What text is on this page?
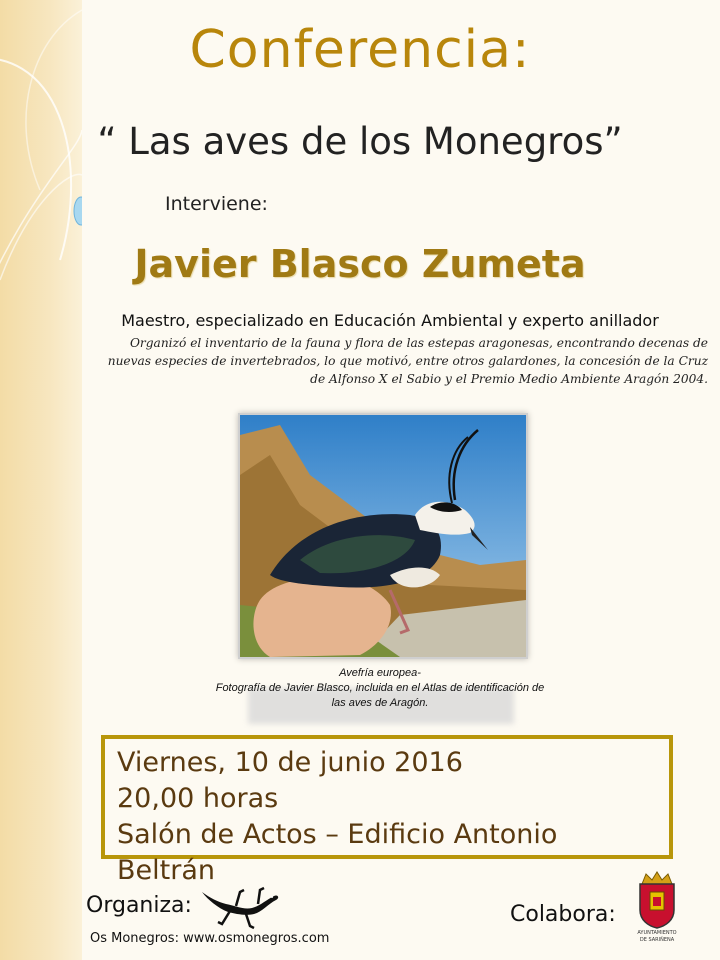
Conferencia:
“ Las aves de los Monegros”
Interviene:
Javier Blasco Zumeta
Maestro, especializado en Educación Ambiental y experto anillador
Organizó el inventario de la fauna y flora de las estepas aragonesas, encontrando decenas de nuevas especies de invertebrados, lo que motivó, entre otros galardones, la concesión de la Cruz de Alfonso X el Sabio y el Premio Medio Ambiente Aragón 2004.
Avefría europea-
Fotografía de Javier Blasco, incluida en el Atlas de identificación de
las aves de Aragón.
Viernes, 10 de junio 2016
20,00 horas
Salón de Actos – Edificio Antonio Beltrán
Organiza:
Os Monegros: www.osmonegros.com
Colabora:
AYUNTAMIENTO
DE SARIÑENA
